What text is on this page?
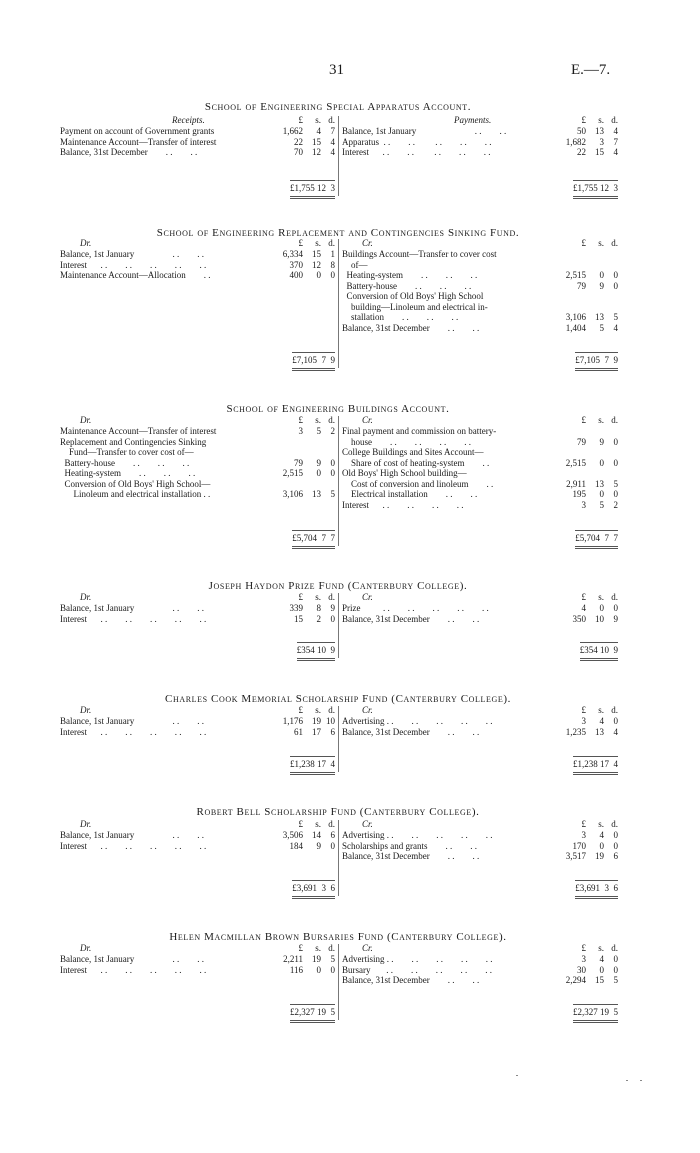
31	E.—7.
School of Engineering Special Apparatus Account.
Receipts.	£ s. d.
Payment on account of Government grants	1,662 4 7
Maintenance Account—Transfer of interest	22 15 4
Balance, 31st December        . .        . .	70 12 4
£1,755 12  3
Payments.	£ s. d.
Balance, 1st January                          . .        . .	50 13 4
Apparatus  . .        . .         . .        . .        . .	1,682 3 7
Interest      . .        . .         . .        . .        . .	22 15 4
£1,755 12  3
School of Engineering Replacement and Contingencies Sinking Fund.
Dr.	£ s. d.
Balance, 1st January                 . .        . .	6,334 15 1
Interest      . .        . .        . .        . .        . .	370 12 8
Maintenance Account—Allocation        . .	400 0 0
£7,105  7  9
Cr.	£ s. d.
Buildings Account—Transfer to cover cost
of—
Heating-system        . .        . .        . .	2,515 0 0
Battery-house        . .        . .        . .	79 9 0
Conversion of Old Boys' High School
building—Linoleum and electrical in-
stallation        . .        . .        . .	3,106 13 5
Balance, 31st December        . .        . .	1,404 5 4
£7,105  7  9
School of Engineering Buildings Account.
Dr.	£ s. d.
Maintenance Account—Transfer of interest	3 5 2
Replacement and Contingencies Sinking
Fund—Transfer to cover cost of—
Battery-house        . .        . .        . .	79 9 0
Heating-system        . .        . .        . .	2,515 0 0
Conversion of Old Boys' High School—
Linoleum and electrical installation . .	3,106 13 5
£5,704  7  7
Cr.	£ s. d.
Final payment and commission on battery-
house        . .        . .        . .        . .	79 9 0
College Buildings and Sites Account—
Share of cost of heating-system        . .	2,515 0 0
Old Boys' High School building—
Cost of conversion and linoleum        . .	2,911 13 5
Electrical installation        . .        . .	195 0 0
Interest      . .        . .        . .        . .	3 5 2
£5,704  7  7
Joseph Haydon Prize Fund (Canterbury College).
Dr.	£ s. d.
Balance, 1st January                 . .        . .	339 8 9
Interest      . .        . .        . .        . .        . .	15 2 0
£354 10  9
Cr.	£ s. d.
Prize          . .        . .        . .        . .        . .	4 0 0
Balance, 31st December        . .        . .	350 10 9
£354 10  9
Charles Cook Memorial Scholarship Fund (Canterbury College).
Dr.	£ s. d.
Balance, 1st January                 . .        . .	1,176 19 10
Interest      . .        . .        . .        . .        . .	61 17 6
£1,238 17  4
Cr.	£ s. d.
Advertising . .        . .        . .        . .        . .	3 4 0
Balance, 31st December        . .        . .	1,235 13 4
£1,238 17  4
Robert Bell Scholarship Fund (Canterbury College).
Dr.	£ s. d.
Balance, 1st January                 . .        . .	3,506 14 6
Interest      . .        . .        . .        . .        . .	184 9 0
£3,691  3  6
Cr.	£ s. d.
Advertising . .        . .        . .        . .        . .	3 4 0
Scholarships and grants        . .        . .	170 0 0
Balance, 31st December        . .        . .	3,517 19 6
£3,691  3  6
Helen Macmillan Brown Bursaries Fund (Canterbury College).
Dr.	£ s. d.
Balance, 1st January                 . .        . .	2,211 19 5
Interest      . .        . .        . .        . .        . .	116 0 0
£2,327 19  5
Cr.	£ s. d.
Advertising . .        . .        . .        . .        . .	3 4 0
Bursary       . .        . .        . .        . .        . .	30 0 0
Balance, 31st December        . .        . .	2,294 15 5
£2,327 19  5
